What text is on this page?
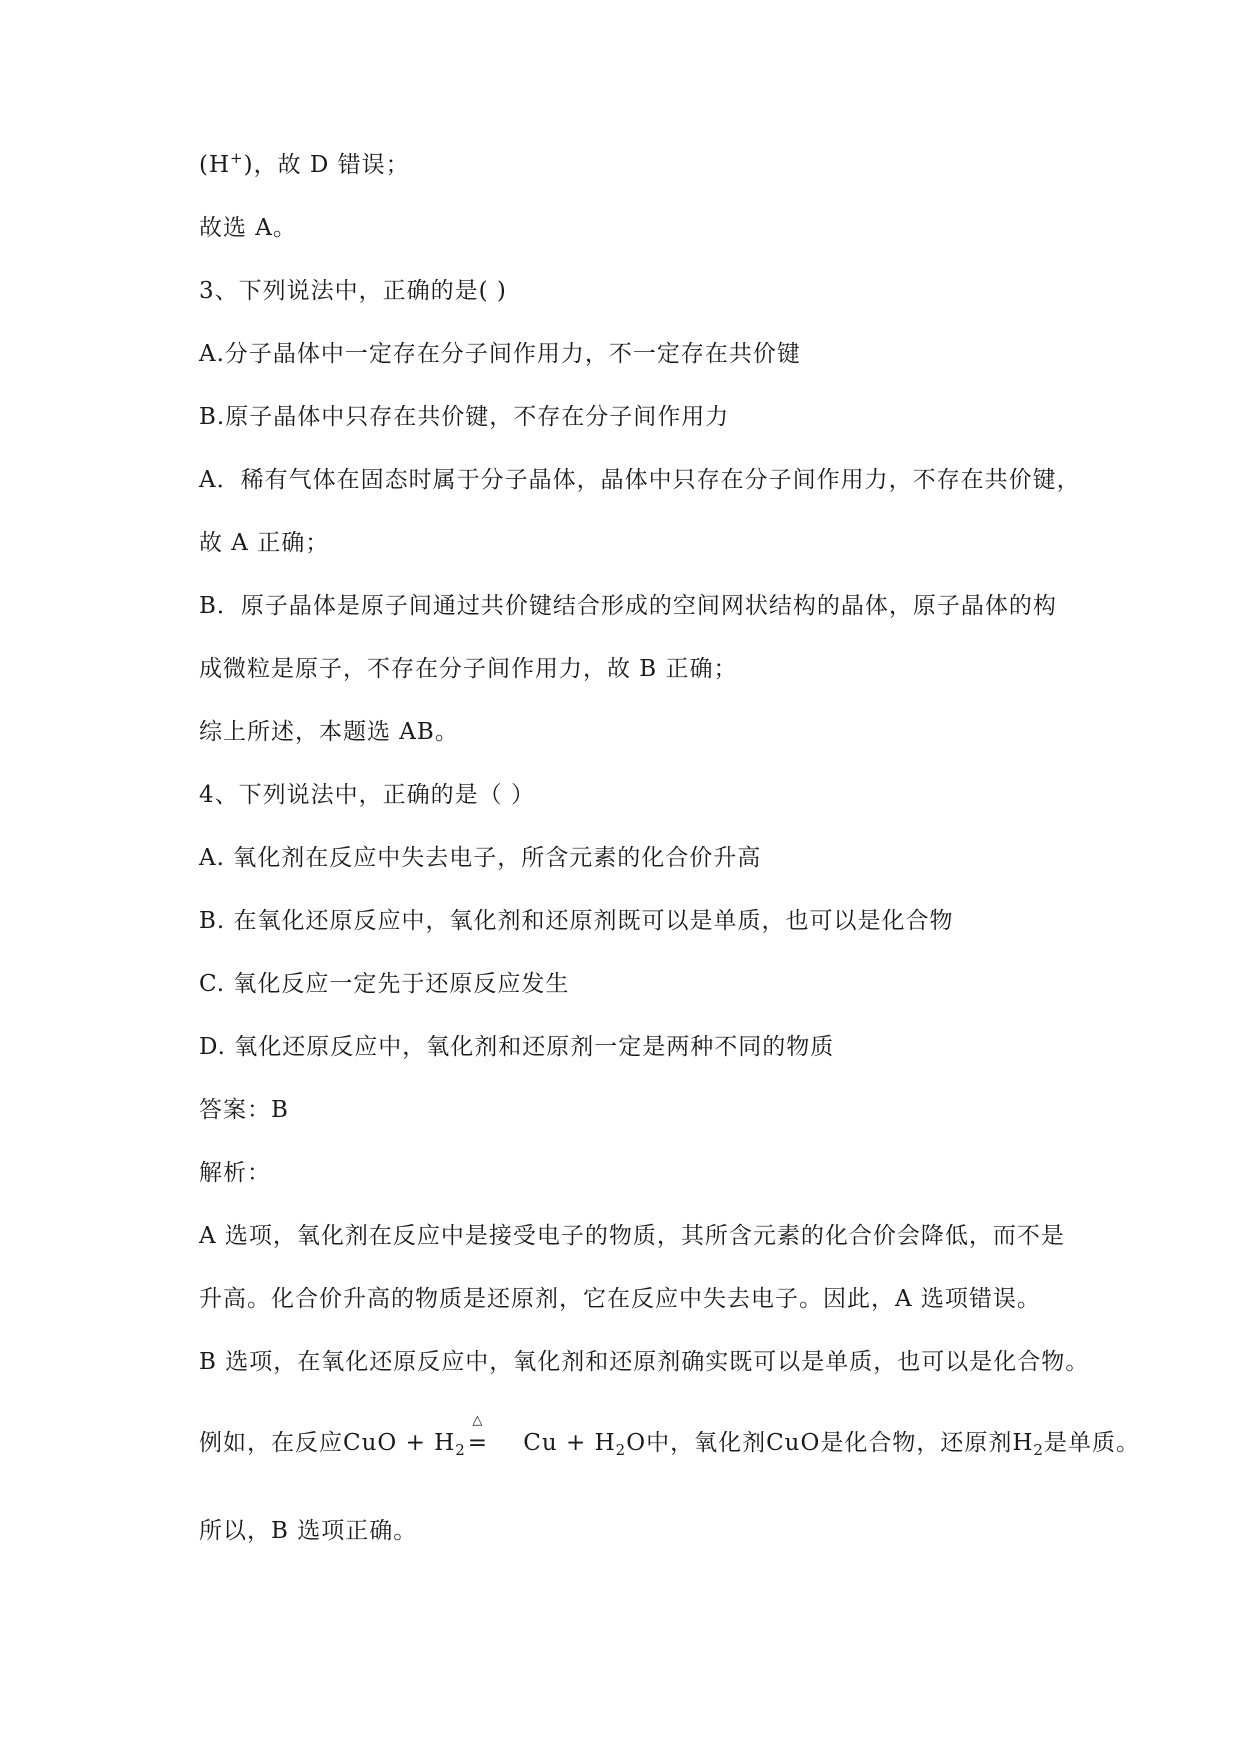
(H+)，故 D 错误；
故选 A。
3、下列说法中，正确的是( )
A.分子晶体中一定存在分子间作用力，不一定存在共价键
B.原子晶体中只存在共价键，不存在分子间作用力
A．稀有气体在固态时属于分子晶体，晶体中只存在分子间作用力，不存在共价键，
故 A 正确；
B．原子晶体是原子间通过共价键结合形成的空间网状结构的晶体，原子晶体的构
成微粒是原子，不存在分子间作用力，故 B 正确；
综上所述，本题选 AB。
4、下列说法中，正确的是（ ）
A. 氧化剂在反应中失去电子，所含元素的化合价升高
B. 在氧化还原反应中，氧化剂和还原剂既可以是单质，也可以是化合物
C. 氧化反应一定先于还原反应发生
D. 氧化还原反应中，氧化剂和还原剂一定是两种不同的物质
答案：B
解析：
A 选项，氧化剂在反应中是接受电子的物质，其所含元素的化合价会降低，而不是
升高。化合价升高的物质是还原剂，它在反应中失去电子。因此，A 选项错误。
B 选项，在氧化还原反应中，氧化剂和还原剂确实既可以是单质，也可以是化合物。
例如，在反应CuO + $H_2$
△
= $Cu + H_2O$中，氧化剂CuO是化合物，还原剂$H_2$是单质。
所以，B 选项正确。
